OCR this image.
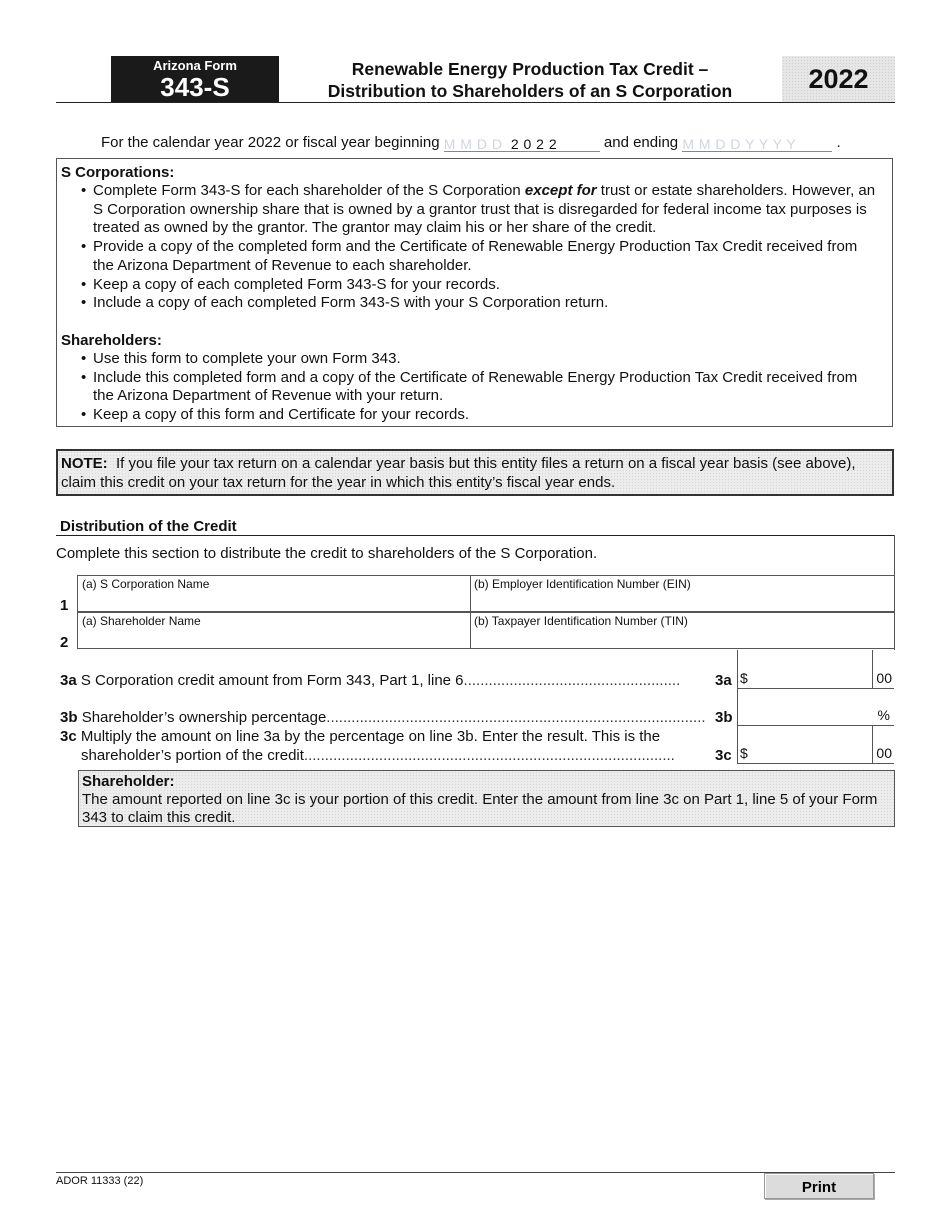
Arizona Form
343-S
Renewable Energy Production Tax Credit –
Distribution to Shareholders of an S Corporation	2022
For the calendar year 2022 or fiscal year beginning M M D D 2 0 2 2	and ending M M D D Y Y Y Y	.
S Corporations:
• Complete Form 343-S for each shareholder of the S Corporation except for trust or estate shareholders. However, an S Corporation ownership share that is owned by a grantor trust that is disregarded for federal income tax purposes is treated as owned by the grantor. The grantor may claim his or her share of the credit.
• Provide a copy of the completed form and the Certificate of Renewable Energy Production Tax Credit received from the Arizona Department of Revenue to each shareholder.
• Keep a copy of each completed Form 343-S for your records.
• Include a copy of each completed Form 343-S with your S Corporation return.
Shareholders:
• Use this form to complete your own Form 343.
• Include this completed form and a copy of the Certificate of Renewable Energy Production Tax Credit received from the Arizona Department of Revenue with your return.
• Keep a copy of this form and Certificate for your records.
NOTE: If you file your tax return on a calendar year basis but this entity files a return on a fiscal year basis (see above), claim this credit on your tax return for the year in which this entity’s fiscal year ends.
Distribution of the Credit
Complete this section to distribute the credit to shareholders of the S Corporation.
1
(a) S Corporation Name	(b) Employer Identification Number (EIN)
2
(a) Shareholder Name	(b) Taxpayer Identification Number (TIN)
3a S Corporation credit amount from Form 343, Part 1, line 6.................................................... 3a $	00
3b Shareholder’s ownership percentage........................................................................................... 3b	%
3c Multiply the amount on line 3a by the percentage on line 3b. Enter the result. This is the
shareholder’s portion of the credit.........................................................................................	3c $	00
Shareholder:
The amount reported on line 3c is your portion of this credit. Enter the amount from line 3c on Part 1, line 5 of your Form 343 to claim this credit.
ADOR 11333 (22)	Print
